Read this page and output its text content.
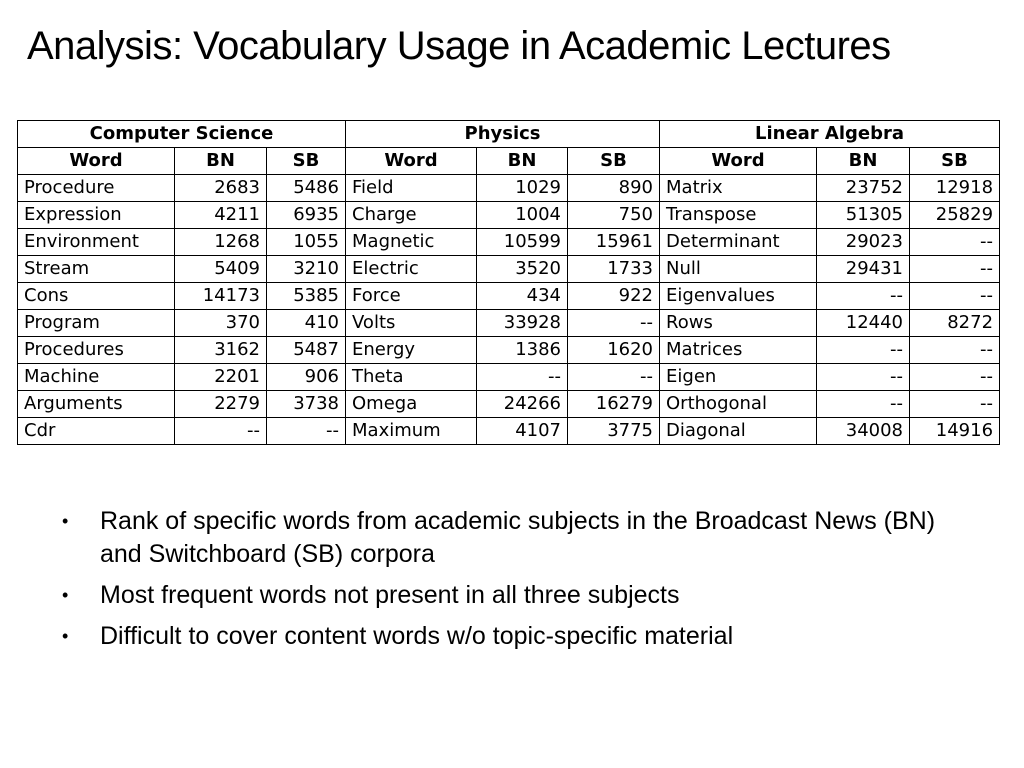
Analysis: Vocabulary Usage in Academic Lectures
Computer Science			Physics			Linear Algebra		
Word	BN	SB	Word	BN	SB	Word	BN	SB
Procedure	2683	5486	Field	1029	890	Matrix	23752	12918
Expression	4211	6935	Charge	1004	750	Transpose	51305	25829
Environment	1268	1055	Magnetic	10599	15961	Determinant	29023	--
Stream	5409	3210	Electric	3520	1733	Null	29431	--
Cons	14173	5385	Force	434	922	Eigenvalues	--	--
Program	370	410	Volts	33928	--	Rows	12440	8272
Procedures	3162	5487	Energy	1386	1620	Matrices	--	--
Machine	2201	906	Theta	--	--	Eigen	--	--
Arguments	2279	3738	Omega	24266	16279	Orthogonal	--	--
Cdr	--	--	Maximum	4107	3775	Diagonal	34008	14916
•	Rank of specific words from academic subjects in the Broadcast News (BN) and Switchboard (SB) corpora
•	Most frequent words not present in all three subjects
•	Difficult to cover content words w/o topic-specific material
